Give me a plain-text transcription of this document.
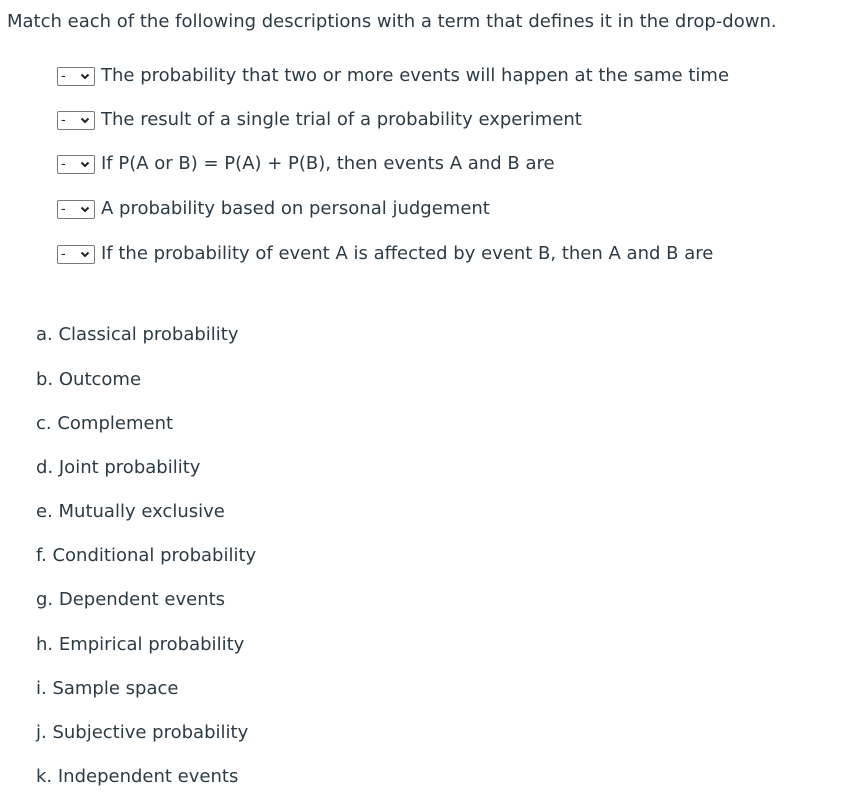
Match each of the following descriptions with a term that defines it in the drop-down.
- The probability that two or more events will happen at the same time
- The result of a single trial of a probability experiment
- If P(A or B) = P(A) + P(B), then events A and B are
- A probability based on personal judgement
- If the probability of event A is affected by event B, then A and B are
a. Classical probability
b. Outcome
c. Complement
d. Joint probability
e. Mutually exclusive
f. Conditional probability
g. Dependent events
h. Empirical probability
i. Sample space
j. Subjective probability
k. Independent events
